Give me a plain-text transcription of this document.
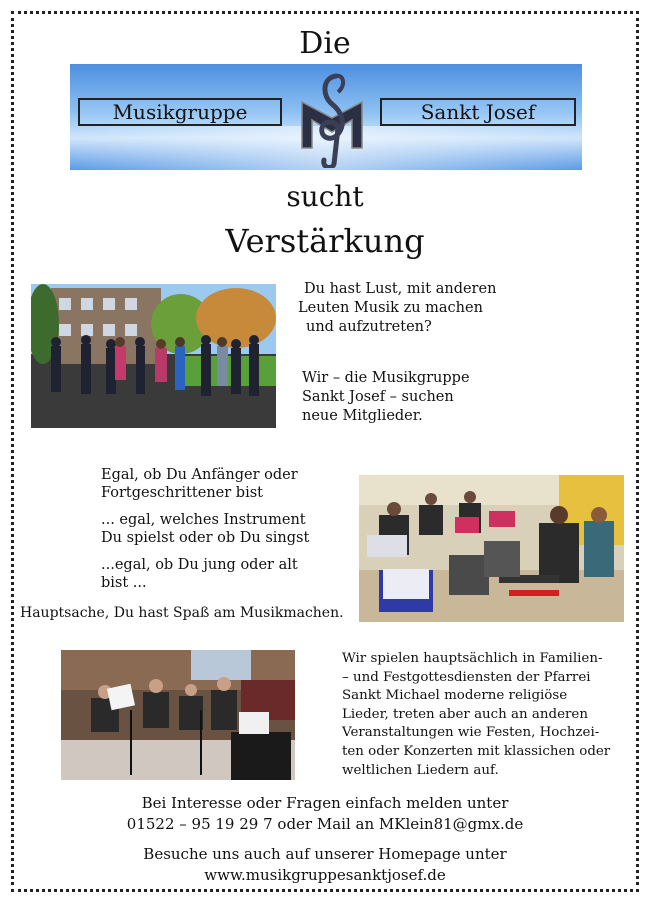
Die
Musikgruppe	Sankt Josef
sucht
Verstärkung

Du hast Lust, mit anderen

Leuten Musik zu machen

und aufzutreten?

Wir – die Musikgruppe

Sankt Josef – suchen

neue Mitglieder.

Egal, ob Du Anfänger oder

Fortgeschrittener bist

... egal, welches Instrument

Du spielst oder ob Du singst

...egal, ob Du jung oder alt

bist ...

Hauptsache, Du hast Spaß am Musikmachen.

Wir spielen hauptsächlich in Familien-

– und Festgottesdiensten der Pfarrei

Sankt Michael moderne religiöse

Lieder, treten aber auch an anderen

Veranstaltungen wie Festen, Hochzei-

ten oder Konzerten mit klassichen oder

weltlichen Liedern auf.

Bei Interesse oder Fragen einfach melden unter
01522 – 95 19 29 7 oder Mail an MKlein81@gmx.de
Besuche uns auch auf unserer Homepage unter
www.musikgruppesanktjosef.de
